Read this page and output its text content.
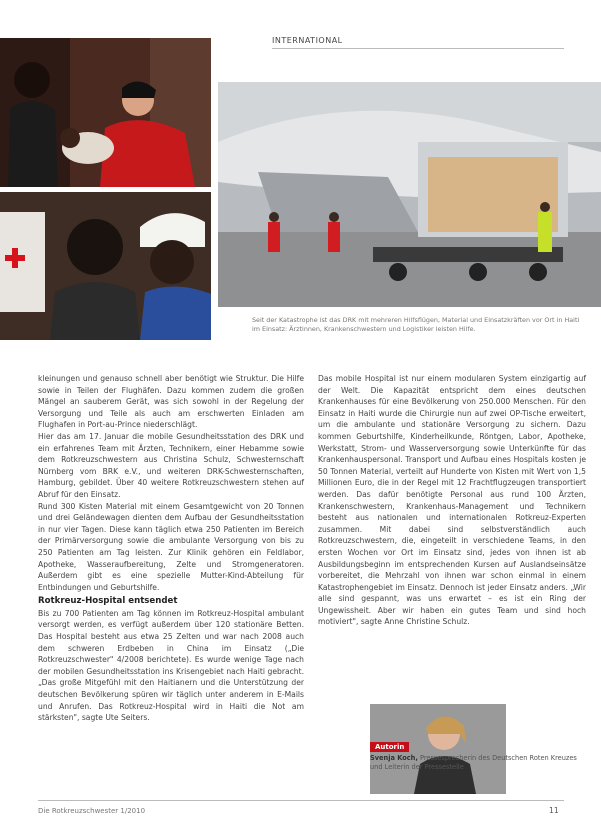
INTERNATIONAL
Seit der Katastrophe ist das DRK mit mehreren Hilfsflügen, Material und Einsatzkräften vor Ort in Haiti im Einsatz: Ärztinnen, Krankenschwestern und Logistiker leisten Hilfe.

kleinungen und genauso schnell aber benötigt wie Struktur. Die Hilfe sowie in Teilen der Flughäfen. Dazu kommen zudem die großen Mängel an sauberem Gerät, was sich sowohl in der Regelung der Versorgung und Teile als auch am erschwerten Einladen am Flughafen in Port-au-Prince niederschlägt.

Hier das am 17. Januar die mobile Gesundheitsstation des DRK und ein erfahrenes Team mit Ärzten, Technikern, einer Hebamme sowie dem Rotkreuzschwestern aus Christina Schulz, Schwesternschaft Nürnberg vom BRK e.V., und weiteren DRK-Schwesternschaften, Hamburg, gebildet. Über 40 weitere Rotkreuzschwestern stehen auf Abruf für den Einsatz.

Rund 300 Kisten Material mit einem Gesamtgewicht von 20 Tonnen und drei Geländewagen dienten dem Aufbau der Gesundheitsstation in nur vier Tagen. Diese kann täglich etwa 250 Patienten im Bereich der Primärversorgung sowie die ambulante Versorgung von bis zu 250 Patienten am Tag leisten. Zur Klinik gehören ein Feldlabor, Apotheke, Wasseraufbereitung, Zelte und Stromgeneratoren. Außerdem gibt es eine spezielle Mutter-Kind-Abteilung für Entbindungen und Geburtshilfe.

Rotkreuz-Hospital entsendet

Bis zu 700 Patienten am Tag können im Rotkreuz-Hospital ambulant versorgt werden, es verfügt außerdem über 120 stationäre Betten. Das Hospital besteht aus etwa 25 Zelten und war nach 2008 auch dem schweren Erdbeben in China im Einsatz („Die Rotkreuzschwester" 4/2008 berichtete). Es wurde wenige Tage nach der mobilen Gesundheitsstation ins Krisengebiet nach Haiti gebracht. „Das große Mitgefühl mit den Haitianern und die Unterstützung der deutschen Bevölkerung spüren wir täglich unter anderem in E-Mails und Anrufen. Das Rotkreuz-Hospital wird in Haiti die Not am stärksten", sagte Ute Seiters.

Das mobile Hospital ist nur einem modularen System einzigartig auf der Welt. Die Kapazität entspricht dem eines deutschen Krankenhauses für eine Bevölkerung von 250.000 Menschen. Für den Einsatz in Haiti wurde die Chirurgie nun auf zwei OP-Tische erweitert, um die ambulante und stationäre Versorgung zu sichern. Dazu kommen Geburtshilfe, Kinderheilkunde, Röntgen, Labor, Apotheke, Werkstatt, Strom- und Wasserversorgung sowie Unterkünfte für das Krankenhauspersonal. Transport und Aufbau eines Hospitals kosten je 50 Tonnen Material, verteilt auf Hunderte von Kisten mit Wert von 1,5 Millionen Euro, die in der Regel mit 12 Frachtflugzeugen transportiert werden. Das dafür benötigte Personal aus rund 100 Ärzten, Krankenschwestern, Krankenhaus-Management und Technikern besteht aus nationalen und internationalen Rotkreuz-Experten zusammen. Mit dabei sind selbstverständlich auch Rotkreuzschwestern, die, eingeteilt in verschiedene Teams, in den ersten Wochen vor Ort im Einsatz sind, jedes von ihnen ist ab Ausbildungsbeginn im entsprechenden Kursen auf Auslandseinsätze vorbereitet, die Mehrzahl von ihnen war schon einmal in einem Katastrophengebiet im Einsatz. Dennoch ist jeder Einsatz anders. „Wir alle sind gespannt, was uns erwartet – es ist ein Ring der Ungewissheit. Aber wir haben ein gutes Team und sind hoch motiviert", sagte Anne Christine Schulz.

Autorin
Svenja Koch, Pressesprecherin des Deutschen Roten Kreuzes und Leiterin der Pressestelle
Die Rotkreuzschwester 1/2010	11
